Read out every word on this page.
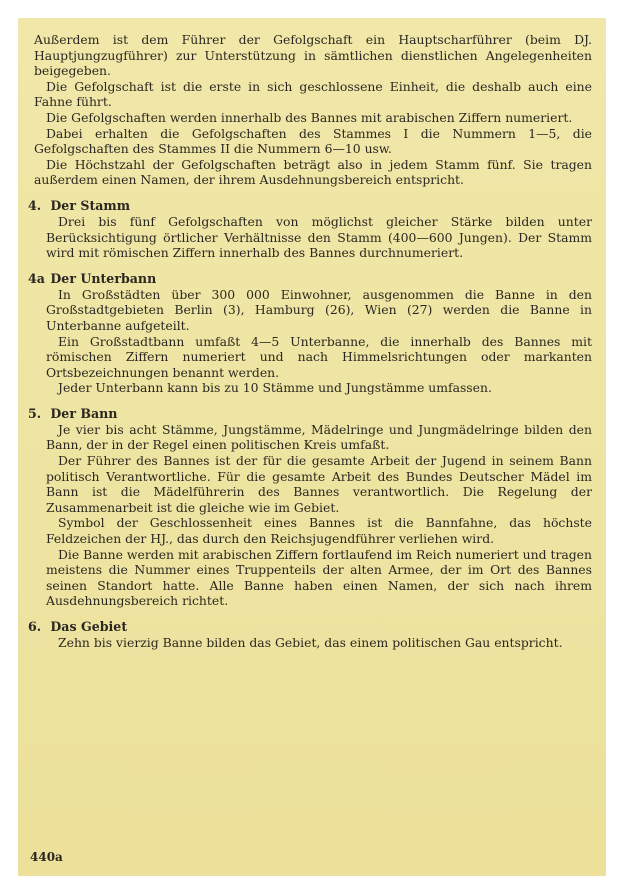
Außerdem ist dem Führer der Gefolgschaft ein Hauptscharführer (beim DJ. Hauptjungzugführer) zur Unterstützung in sämtlichen dienstlichen Angelegenheiten beigegeben.

Die Gefolgschaft ist die erste in sich geschlossene Einheit, die deshalb auch eine Fahne führt.

Die Gefolgschaften werden innerhalb des Bannes mit arabischen Ziffern numeriert.

Dabei erhalten die Gefolgschaften des Stammes I die Nummern 1—5, die Gefolgschaften des Stammes II die Nummern 6—10 usw.

Die Höchstzahl der Gefolgschaften beträgt also in jedem Stamm fünf. Sie tragen außerdem einen Namen, der ihrem Ausdehnungsbereich entspricht.

4. Der Stamm

Drei bis fünf Gefolgschaften von möglichst gleicher Stärke bilden unter Berücksichtigung örtlicher Verhältnisse den Stamm (400—600 Jungen). Der Stamm wird mit römischen Ziffern innerhalb des Bannes durchnumeriert.

4a Der Unterbann

In Großstädten über 300 000 Einwohner, ausgenommen die Banne in den Großstadtgebieten Berlin (3), Hamburg (26), Wien (27) werden die Banne in Unterbanne aufgeteilt.

Ein Großstadtbann umfaßt 4—5 Unterbanne, die innerhalb des Bannes mit römischen Ziffern numeriert und nach Himmelsrichtungen oder markanten Ortsbezeichnungen benannt werden.

Jeder Unterbann kann bis zu 10 Stämme und Jungstämme umfassen.

5. Der Bann

Je vier bis acht Stämme, Jungstämme, Mädelringe und Jungmädelringe bilden den Bann, der in der Regel einen politischen Kreis umfaßt.

Der Führer des Bannes ist der für die gesamte Arbeit der Jugend in seinem Bann politisch Verantwortliche. Für die gesamte Arbeit des Bundes Deutscher Mädel im Bann ist die Mädelführerin des Bannes verantwortlich. Die Regelung der Zusammenarbeit ist die gleiche wie im Gebiet.

Symbol der Geschlossenheit eines Bannes ist die Bannfahne, das höchste Feldzeichen der HJ., das durch den Reichsjugendführer verliehen wird.

Die Banne werden mit arabischen Ziffern fortlaufend im Reich numeriert und tragen meistens die Nummer eines Truppenteils der alten Armee, der im Ort des Bannes seinen Standort hatte. Alle Banne haben einen Namen, der sich nach ihrem Ausdehnungsbereich richtet.

6. Das Gebiet

Zehn bis vierzig Banne bilden das Gebiet, das einem politischen Gau entspricht.

440a
